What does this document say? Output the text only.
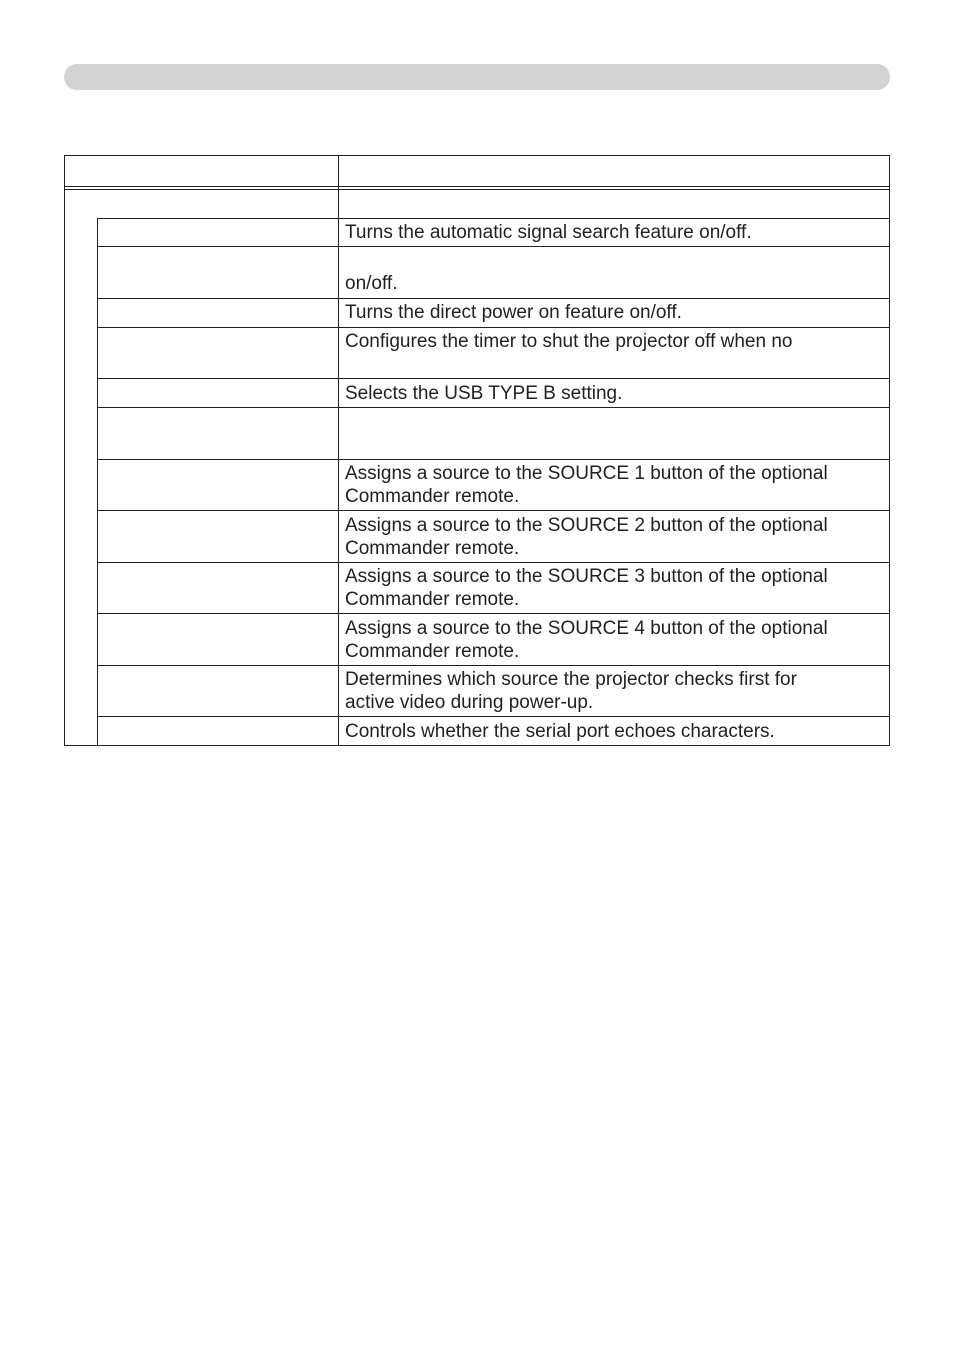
Turns the automatic signal search feature on/off.

on/off.
Turns the direct power on feature on/off.
Configures the timer to shut the projector off when no
Selects the USB TYPE B setting.
Assigns a source to the SOURCE 1 button of the optional
Commander remote.
Assigns a source to the SOURCE 2 button of the optional
Commander remote.
Assigns a source to the SOURCE 3 button of the optional
Commander remote.
Assigns a source to the SOURCE 4 button of the optional
Commander remote.
Determines which source the projector checks first for
active video during power-up.
Controls whether the serial port echoes characters.
